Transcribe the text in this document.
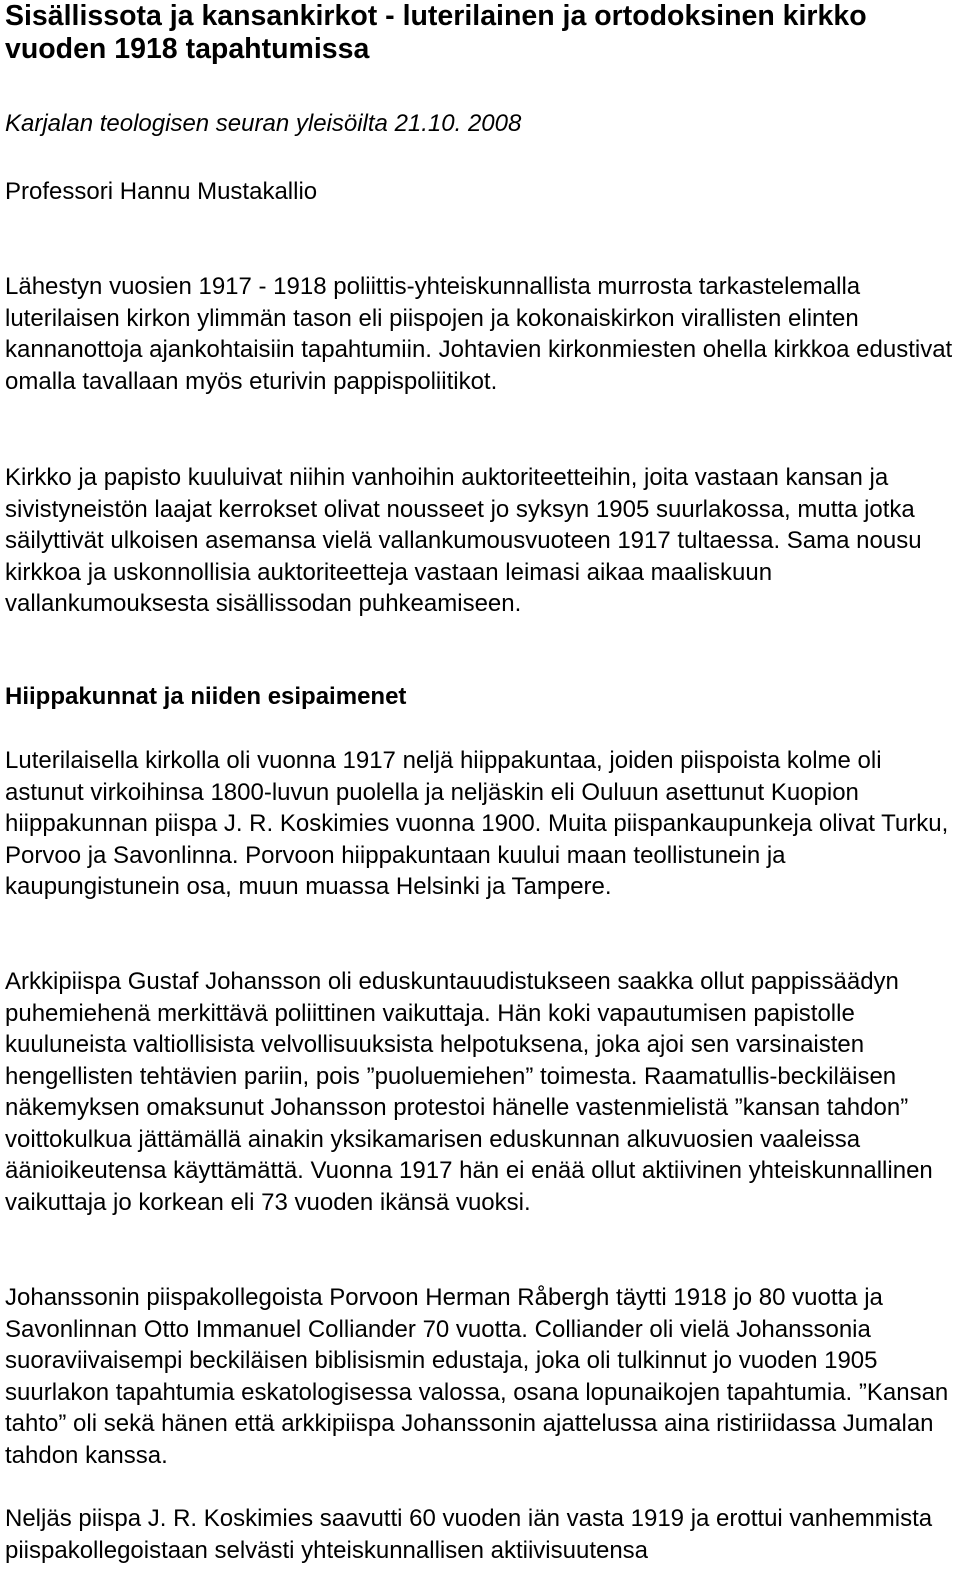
Sisällissota ja kansankirkot - luterilainen ja ortodoksinen kirkko vuoden 1918 tapahtumissa

Karjalan teologisen seuran yleisöilta 21.10. 2008

Professori Hannu Mustakallio

Lähestyn vuosien 1917 - 1918 poliittis-yhteiskunnallista murrosta tarkastelemalla luterilaisen kirkon ylimmän tason eli piispojen ja kokonaiskirkon virallisten elinten kannanottoja ajankohtaisiin tapahtumiin. Johtavien kirkonmiesten ohella kirkkoa edustivat omalla tavallaan myös eturivin pappispoliitikot.

Kirkko ja papisto kuuluivat niihin vanhoihin auktoriteetteihin, joita vastaan kansan ja sivistyneistön laajat kerrokset olivat nousseet jo syksyn 1905 suurlakossa, mutta jotka säilyttivät ulkoisen asemansa vielä vallankumousvuoteen 1917 tultaessa. Sama nousu kirkkoa ja uskonnollisia auktoriteetteja vastaan leimasi aikaa maaliskuun vallankumouksesta sisällissodan puhkeamiseen.

Hiippakunnat ja niiden esipaimenet

Luterilaisella kirkolla oli vuonna 1917 neljä hiippakuntaa, joiden piispoista kolme oli astunut virkoihinsa 1800-luvun puolella ja neljäskin eli Ouluun asettunut Kuopion hiippakunnan piispa J. R. Koskimies vuonna 1900. Muita piispankaupunkeja olivat Turku, Porvoo ja Savonlinna. Porvoon hiippakuntaan kuului maan teollistunein ja kaupungistunein osa, muun muassa Helsinki ja Tampere.

Arkkipiispa Gustaf Johansson oli eduskuntauudistukseen saakka ollut pappissäädyn puhemiehenä merkittävä poliittinen vaikuttaja. Hän koki vapautumisen papistolle kuuluneista valtiollisista velvollisuuksista helpotuksena, joka ajoi sen varsinaisten hengellisten tehtävien pariin, pois ”puoluemiehen” toimesta. Raamatullis-beckiläisen näkemyksen omaksunut Johansson protestoi hänelle vastenmielistä ”kansan tahdon” voittokulkua jättämällä ainakin yksikamarisen eduskunnan alkuvuosien vaaleissa äänioikeutensa käyttämättä. Vuonna 1917 hän ei enää ollut aktiivinen yhteiskunnallinen vaikuttaja jo korkean eli 73 vuoden ikänsä vuoksi.

Johanssonin piispakollegoista Porvoon Herman Råbergh täytti 1918 jo 80 vuotta ja Savonlinnan Otto Immanuel Colliander 70 vuotta. Colliander oli vielä Johanssonia suoraviivaisempi beckiläisen biblisismin edustaja, joka oli tulkinnut jo vuoden 1905 suurlakon tapahtumia eskatologisessa valossa, osana lopunaikojen tapahtumia. ”Kansan tahto” oli sekä hänen että arkkipiispa Johanssonin ajattelussa aina ristiriidassa Jumalan tahdon kanssa.

Neljäs piispa J. R. Koskimies saavutti 60 vuoden iän vasta 1919 ja erottui vanhemmista piispakollegoistaan selvästi yhteiskunnallisen aktiivisuutensa
